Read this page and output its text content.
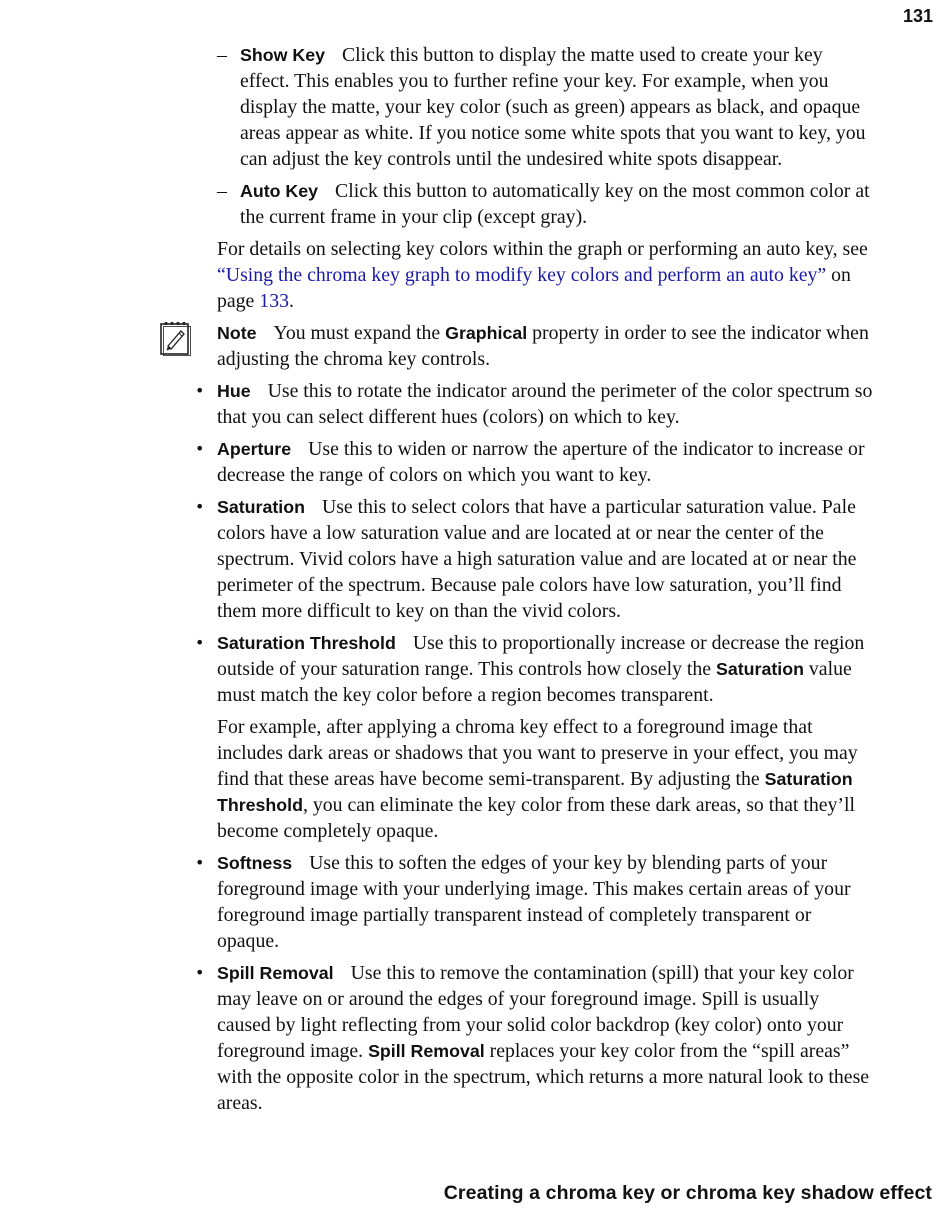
131
– Show Key Click this button to display the matte used to create your key effect. This enables you to further refine your key. For example, when you display the matte, your key color (such as green) appears as black, and opaque areas appear as white. If you notice some white spots that you want to key, you can adjust the key controls until the undesired white spots disappear.
– Auto Key Click this button to automatically key on the most common color at the current frame in your clip (except gray).
For details on selecting key colors within the graph or performing an auto key, see “Using the chroma key graph to modify key colors and perform an auto key” on page 133.
Note You must expand the Graphical property in order to see the indicator when adjusting the chroma key controls.
• Hue Use this to rotate the indicator around the perimeter of the color spectrum so that you can select different hues (colors) on which to key.
• Aperture Use this to widen or narrow the aperture of the indicator to increase or decrease the range of colors on which you want to key.
• Saturation Use this to select colors that have a particular saturation value. Pale colors have a low saturation value and are located at or near the center of the spectrum. Vivid colors have a high saturation value and are located at or near the perimeter of the spectrum. Because pale colors have low saturation, you’ll find them more difficult to key on than the vivid colors.
• Saturation Threshold Use this to proportionally increase or decrease the region outside of your saturation range. This controls how closely the Saturation value must match the key color before a region becomes transparent.
For example, after applying a chroma key effect to a foreground image that includes dark areas or shadows that you want to preserve in your effect, you may find that these areas have become semi-transparent. By adjusting the Saturation Threshold, you can eliminate the key color from these dark areas, so that they’ll become completely opaque.
• Softness Use this to soften the edges of your key by blending parts of your foreground image with your underlying image. This makes certain areas of your foreground image partially transparent instead of completely transparent or opaque.
• Spill Removal Use this to remove the contamination (spill) that your key color may leave on or around the edges of your foreground image. Spill is usually caused by light reflecting from your solid color backdrop (key color) onto your foreground image. Spill Removal replaces your key color from the “spill areas” with the opposite color in the spectrum, which returns a more natural look to these areas.
Creating a chroma key or chroma key shadow effect
